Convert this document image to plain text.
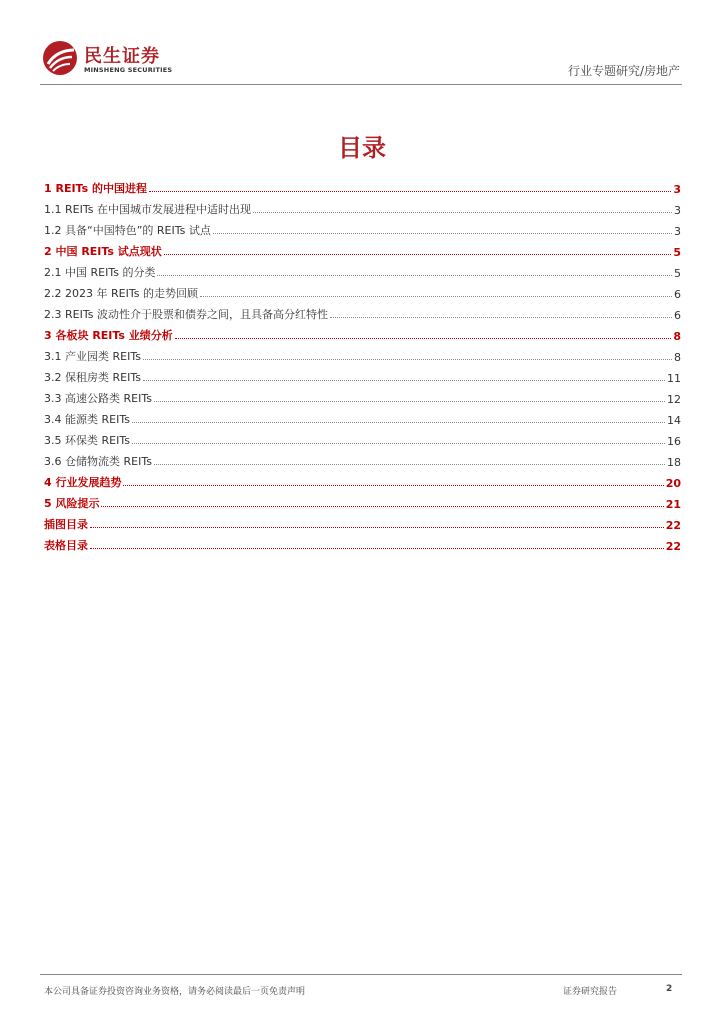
民生证券
MINSHENG SECURITIES	行业专题研究/房地产
目录
1 REITs 的中国进程	3
1.1 REITs 在中国城市发展进程中适时出现	3
1.2 具备“中国特色”的 REITs 试点	3
2 中国 REITs 试点现状	5
2.1 中国 REITs 的分类	5
2.2 2023 年 REITs 的走势回顾	6
2.3 REITs 波动性介于股票和债券之间，且具备高分红特性	6
3 各板块 REITs 业绩分析	8
3.1 产业园类 REITs	8
3.2 保租房类 REITs	11
3.3 高速公路类 REITs	12
3.4 能源类 REITs	14
3.5 环保类 REITs	16
3.6 仓储物流类 REITs	18
4 行业发展趋势	20
5 风险提示	21
插图目录	22
表格目录	22
本公司具备证券投资咨询业务资格，请务必阅读最后一页免责声明	证券研究报告	2
